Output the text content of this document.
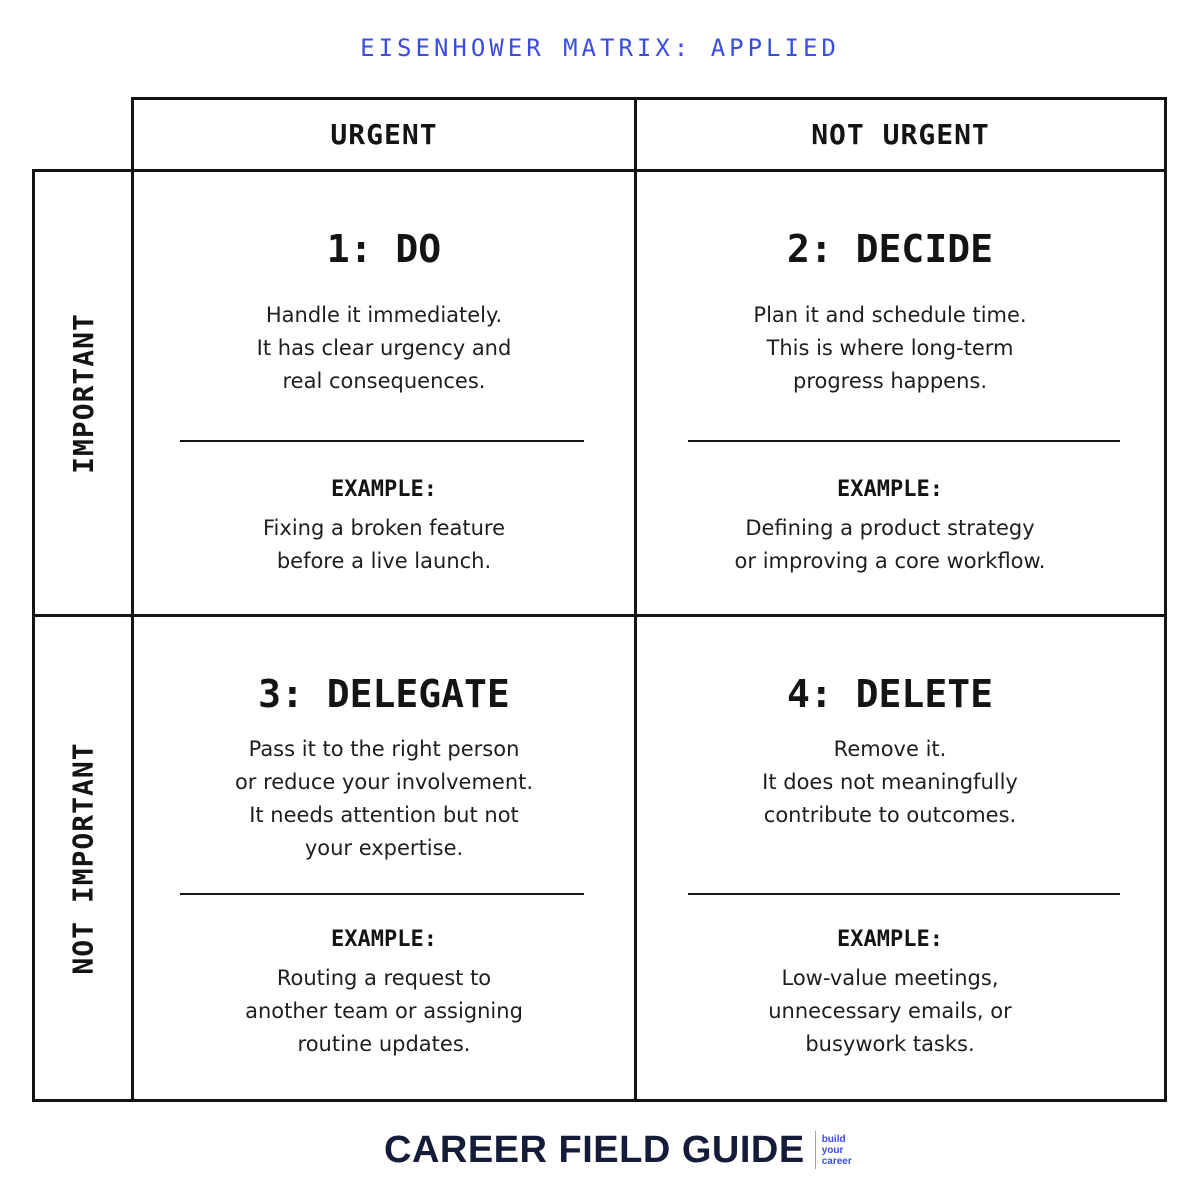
EISENHOWER MATRIX: APPLIED
URGENT	NOT URGENT
IMPORTANT
NOT IMPORTANT
1: DO
Handle it immediately.
It has clear urgency and
real consequences.
EXAMPLE:
Fixing a broken feature
before a live launch.
2: DECIDE
Plan it and schedule time.
This is where long-term
progress happens.
EXAMPLE:
Defining a product strategy
or improving a core workflow.
3: DELEGATE
Pass it to the right person
or reduce your involvement.
It needs attention but not
your expertise.
EXAMPLE:
Routing a request to
another team or assigning
routine updates.
4: DELETE
Remove it.
It does not meaningfully
contribute to outcomes.
EXAMPLE:
Low-value meetings,
unnecessary emails, or
busywork tasks.
CAREER FIELD GUIDE build
your
career
